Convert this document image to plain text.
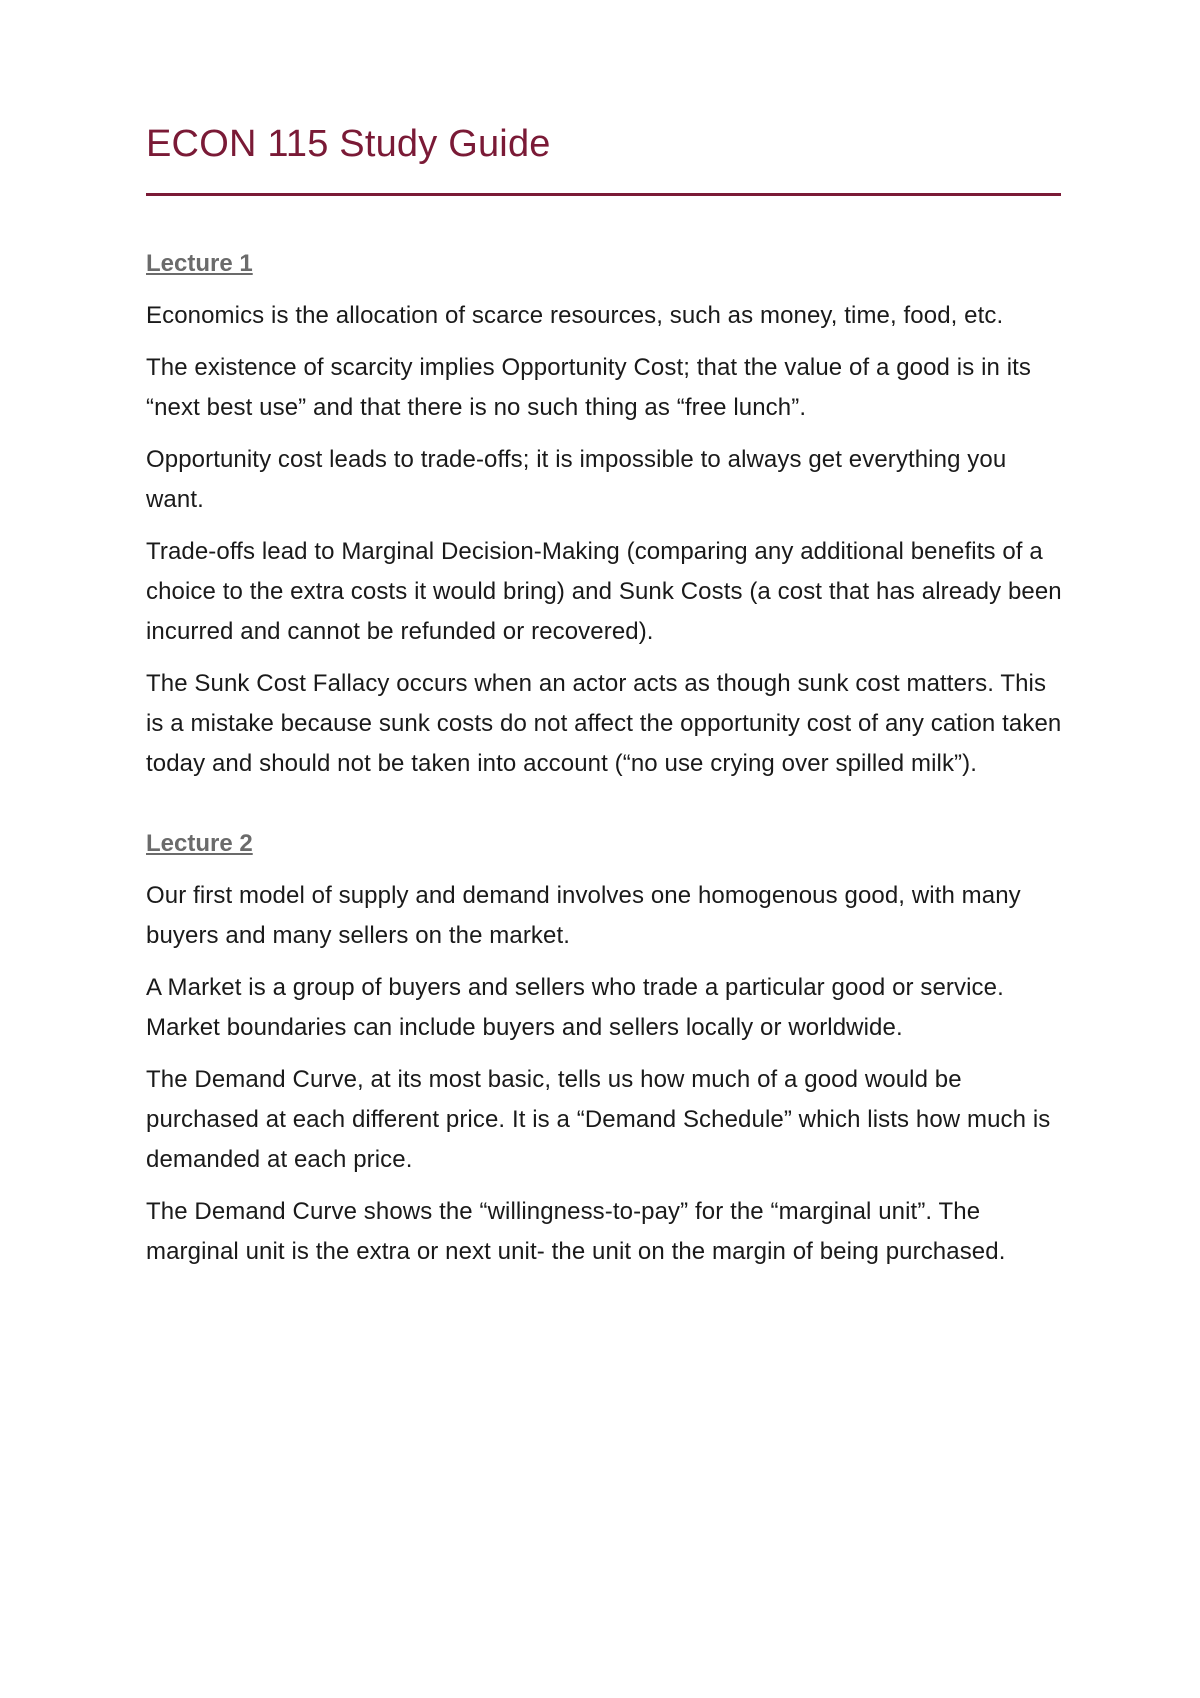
ECON 115 Study Guide
Lecture 1

Economics is the allocation of scarce resources, such as money, time, food, etc.

The existence of scarcity implies Opportunity Cost; that the value of a good is in its “next best use” and that there is no such thing as “free lunch”.

Opportunity cost leads to trade-offs; it is impossible to always get everything you want.

Trade-offs lead to Marginal Decision-Making (comparing any additional benefits of a choice to the extra costs it would bring) and Sunk Costs (a cost that has already been incurred and cannot be refunded or recovered).

The Sunk Cost Fallacy occurs when an actor acts as though sunk cost matters. This is a mistake because sunk costs do not affect the opportunity cost of any cation taken today and should not be taken into account (“no use crying over spilled milk”).

Lecture 2

Our first model of supply and demand involves one homogenous good, with many buyers and many sellers on the market.

A Market is a group of buyers and sellers who trade a particular good or service. Market boundaries can include buyers and sellers locally or worldwide.

The Demand Curve, at its most basic, tells us how much of a good would be purchased at each different price. It is a “Demand Schedule” which lists how much is demanded at each price.

The Demand Curve shows the “willingness-to-pay” for the “marginal unit”. The marginal unit is the extra or next unit- the unit on the margin of being purchased.
